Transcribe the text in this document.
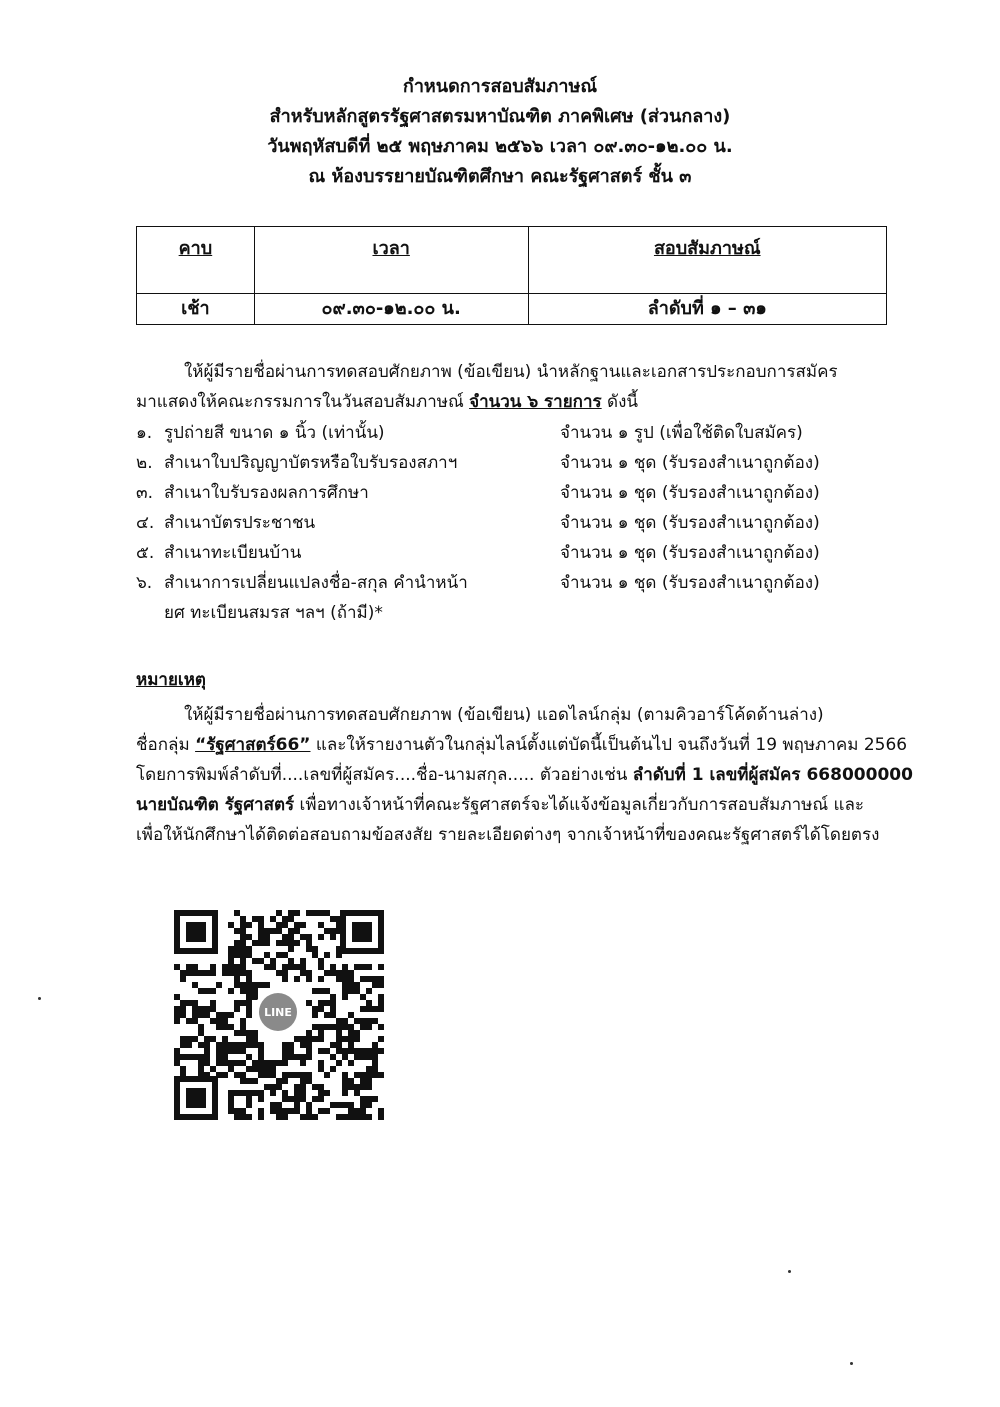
กำหนดการสอบสัมภาษณ์
สำหรับหลักสูตรรัฐศาสตรมหาบัณฑิต ภาคพิเศษ (ส่วนกลาง)
วันพฤหัสบดีที่ ๒๕ พฤษภาคม ๒๕๖๖ เวลา ๐๙.๓๐-๑๒.๐๐ น.
ณ ห้องบรรยายบัณฑิตศึกษา คณะรัฐศาสตร์ ชั้น ๓
คาบ	เวลา	สอบสัมภาษณ์
เช้า	๐๙.๓๐-๑๒.๐๐ น.	ลำดับที่ ๑ – ๓๑

ให้ผู้มีรายชื่อผ่านการทดสอบศักยภาพ (ข้อเขียน) นำหลักฐานและเอกสารประกอบการสมัคร

มาแสดงให้คณะกรรมการในวันสอบสัมภาษณ์ จำนวน ๖ รายการ ดังนี้

๑. รูปถ่ายสี ขนาด ๑ นิ้ว (เท่านั้น)	จำนวน ๑ รูป (เพื่อใช้ติดใบสมัคร)
๒. สำเนาใบปริญญาบัตรหรือใบรับรองสภาฯ	จำนวน ๑ ชุด (รับรองสำเนาถูกต้อง)
๓. สำเนาใบรับรองผลการศึกษา	จำนวน ๑ ชุด (รับรองสำเนาถูกต้อง)
๔. สำเนาบัตรประชาชน	จำนวน ๑ ชุด (รับรองสำเนาถูกต้อง)
๕. สำเนาทะเบียนบ้าน	จำนวน ๑ ชุด (รับรองสำเนาถูกต้อง)
๖. สำเนาการเปลี่ยนแปลงชื่อ-สกุล คำนำหน้า	จำนวน ๑ ชุด (รับรองสำเนาถูกต้อง)
ยศ ทะเบียนสมรส ฯลฯ (ถ้ามี)*
หมายเหตุ

ให้ผู้มีรายชื่อผ่านการทดสอบศักยภาพ (ข้อเขียน) แอดไลน์กลุ่ม (ตามคิวอาร์โค้ดด้านล่าง)

ชื่อกลุ่ม “รัฐศาสตร์66” และให้รายงานตัวในกลุ่มไลน์ตั้งแต่บัดนี้เป็นต้นไป จนถึงวันที่ 19 พฤษภาคม 2566

โดยการพิมพ์ลำดับที่....เลขที่ผู้สมัคร....ชื่อ-นามสกุล..... ตัวอย่างเช่น ลำดับที่ 1 เลขที่ผู้สมัคร 668000000

นายบัณฑิต รัฐศาสตร์ เพื่อทางเจ้าหน้าที่คณะรัฐศาสตร์จะได้แจ้งข้อมูลเกี่ยวกับการสอบสัมภาษณ์ และ

เพื่อให้นักศึกษาได้ติดต่อสอบถามข้อสงสัย รายละเอียดต่างๆ จากเจ้าหน้าที่ของคณะรัฐศาสตร์ได้โดยตรง

LINE
